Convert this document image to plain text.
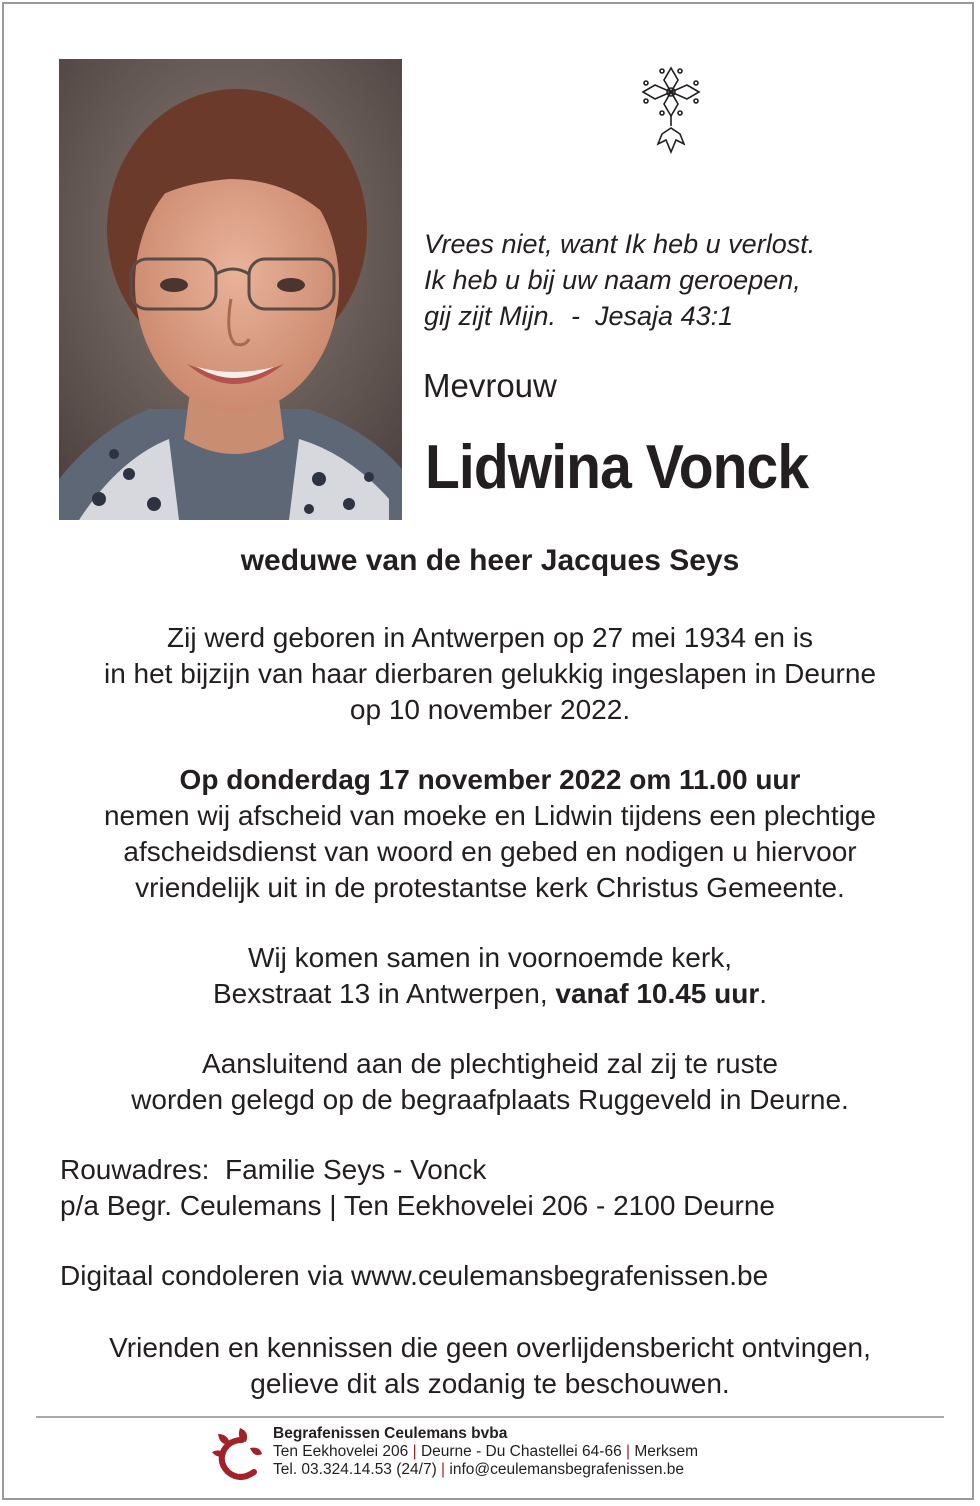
Vrees niet, want Ik heb u verlost.
Ik heb u bij uw naam geroepen,
gij zijt Mijn.  -  Jesaja 43:1
Mevrouw
Lidwina Vonck
weduwe van de heer Jacques Seys
Zij werd geboren in Antwerpen op 27 mei 1934 en is
in het bijzijn van haar dierbaren gelukkig ingeslapen in Deurne
op 10 november 2022.
Op donderdag 17 november 2022 om 11.00 uur
nemen wij afscheid van moeke en Lidwin tijdens een plechtige
afscheidsdienst van woord en gebed en nodigen u hiervoor
vriendelijk uit in de protestantse kerk Christus Gemeente.
Wij komen samen in voornoemde kerk,
Bexstraat 13 in Antwerpen, vanaf 10.45 uur.
Aansluitend aan de plechtigheid zal zij te ruste
worden gelegd op de begraafplaats Ruggeveld in Deurne.
Rouwadres:  Familie Seys - Vonck
p/a Begr. Ceulemans | Ten Eekhovelei 206 - 2100 Deurne
Digitaal condoleren via www.ceulemansbegrafenissen.be
Vrienden en kennissen die geen overlijdensbericht ontvingen,
gelieve dit als zodanig te beschouwen.
Begrafenissen Ceulemans bvba
Ten Eekhovelei 206 | Deurne - Du Chastellei 64-66 | Merksem
Tel. 03.324.14.53 (24/7) | info@ceulemansbegrafenissen.be
